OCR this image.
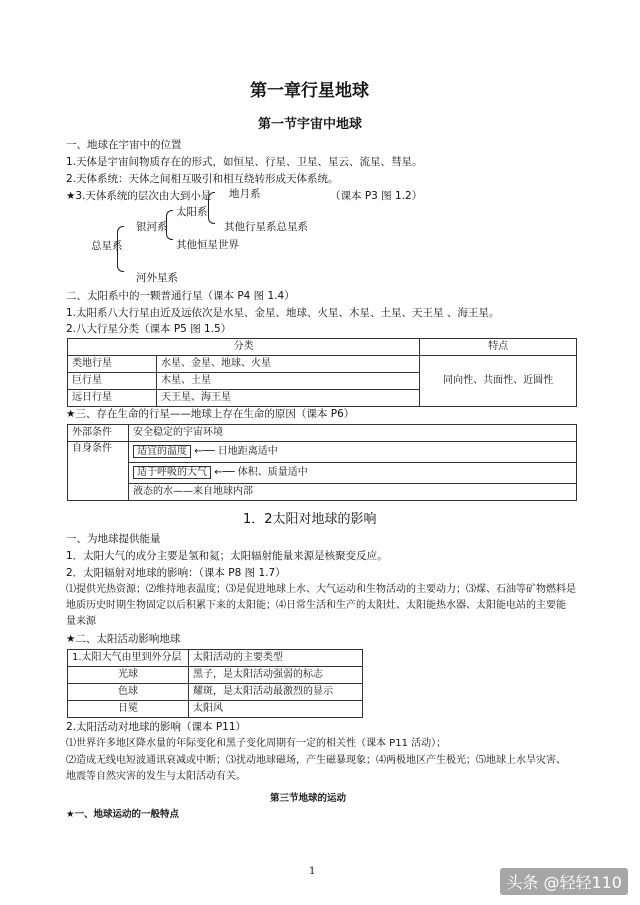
第一章行星地球
第一节宇宙中地球
一、地球在宇宙中的位置
1.天体是宇宙间物质存在的形式，如恒星、行星、卫星、星云、流星、彗星。
2.天体系统：天体之间相互吸引和相互绕转形成天体系统。
★3.天体系统的层次由大到小是	（课本 P3 图 1.2）
总星系
银河系
太阳系
地月系
其他行星系总星系
其他恒星世界
河外星系
二、太阳系中的一颗普通行星（课本 P4 图 1.4）
1.太阳系八大行星由近及远依次是水星、金星、地球、火星、木星、土星、天王星 、海王星。
2.八大行星分类（课本 P5 图 1.5）
分类		特点
类地行星	水星、金星、地球、火星	同向性、共面性、近圆性
巨行星	木星、土星	
远日行星	天王星、海王星	
★三、存在生命的行星——地球上存在生命的原因（课本 P6）
外部条件	安全稳定的宇宙环境
自身条件	适宜的温度 ←── 日地距离适中
	适于呼吸的大气 ←── 体积、质量适中
	液态的水——来自地球内部
1．2太阳对地球的影响
一、为地球提供能量
1．太阳大气的成分主要是氢和氦；太阳辐射能量来源是核聚变反应。
2．太阳辐射对地球的影响：（课本 P8 图 1.7）
⑴提供光热资源；⑵维持地表温度；⑶是促进地球上水、大气运动和生物活动的主要动力；⑶煤、石油等矿物燃料是
地质历史时期生物固定以后积累下来的太阳能；⑷日常生活和生产的太阳灶、太阳能热水器、太阳能电站的主要能
量来源
★二、太阳活动影响地球
1.太阳大气由里到外分层	太阳活动的主要类型
光球	黑子，是太阳活动强弱的标志
色球	耀斑，是太阳活动最激烈的显示
日冕	太阳风
2.太阳活动对地球的影响（课本 P11）
⑴世界许多地区降水量的年际变化和黑子变化周期有一定的相关性（课本 P11 活动）；
⑵造成无线电短波通讯衰减或中断；⑶扰动地球磁场，产生磁暴现象；⑷两极地区产生极光；⑸地球上水旱灾害、
地震等自然灾害的发生与太阳活动有关。
第三节地球的运动
★一、地球运动的一般特点
1
头条 @轻轻110
